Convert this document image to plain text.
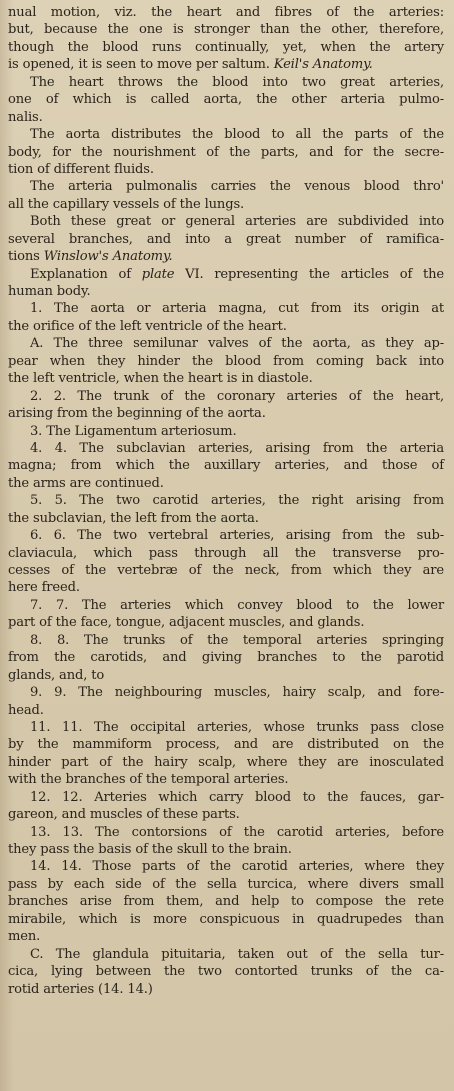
nual motion, viz. the heart and fibres of the arteries:
but, because the one is stronger than the other, therefore,
though the blood runs continually, yet, when the artery
is opened, it is seen to move per saltum. Keil's Anatomy.
The heart throws the blood into two great arteries,
one of which is called aorta, the other arteria pulmo-
nalis.
The aorta distributes the blood to all the parts of the
body, for the nourishment of the parts, and for the secre-
tion of different fluids.
The arteria pulmonalis carries the venous blood thro'
all the capillary vessels of the lungs.
Both these great or general arteries are subdivided into
several branches, and into a great number of ramifica-
tions Winslow's Anatomy.
Explanation of plate VI. representing the articles of the
human body.
1. The aorta or arteria magna, cut from its origin at
the orifice of the left ventricle of the heart.
A. The three semilunar valves of the aorta, as they ap-
pear when they hinder the blood from coming back into
the left ventricle, when the heart is in diastole.
2. 2. The trunk of the coronary arteries of the heart,
arising from the beginning of the aorta.
3. The Ligamentum arteriosum.
4. 4. The subclavian arteries, arising from the arteria
magna; from which the auxillary arteries, and those of
the arms are continued.
5. 5. The two carotid arteries, the right arising from
the subclavian, the left from the aorta.
6. 6. The two vertebral arteries, arising from the sub-
claviacula, which pass through all the transverse pro-
cesses of the vertebræ of the neck, from which they are
here freed.
7. 7. The arteries which convey blood to the lower
part of the face, tongue, adjacent muscles, and glands.
8. 8. The trunks of the temporal arteries springing
from the carotids, and giving branches to the parotid
glands, and, to
9. 9. The neighbouring muscles, hairy scalp, and fore-
head.
11. 11. The occipital arteries, whose trunks pass close
by the mammiform process, and are distributed on the
hinder part of the hairy scalp, where they are inosculated
with the branches of the temporal arteries.
12. 12. Arteries which carry blood to the fauces, gar-
gareon, and muscles of these parts.
13. 13. The contorsions of the carotid arteries, before
they pass the basis of the skull to the brain.
14. 14. Those parts of the carotid arteries, where they
pass by each side of the sella turcica, where divers small
branches arise from them, and help to compose the rete
mirabile, which is more conspicuous in quadrupedes than
men.
C. The glandula pituitaria, taken out of the sella tur-
cica, lying between the two contorted trunks of the ca-
rotid arteries (14. 14.)
